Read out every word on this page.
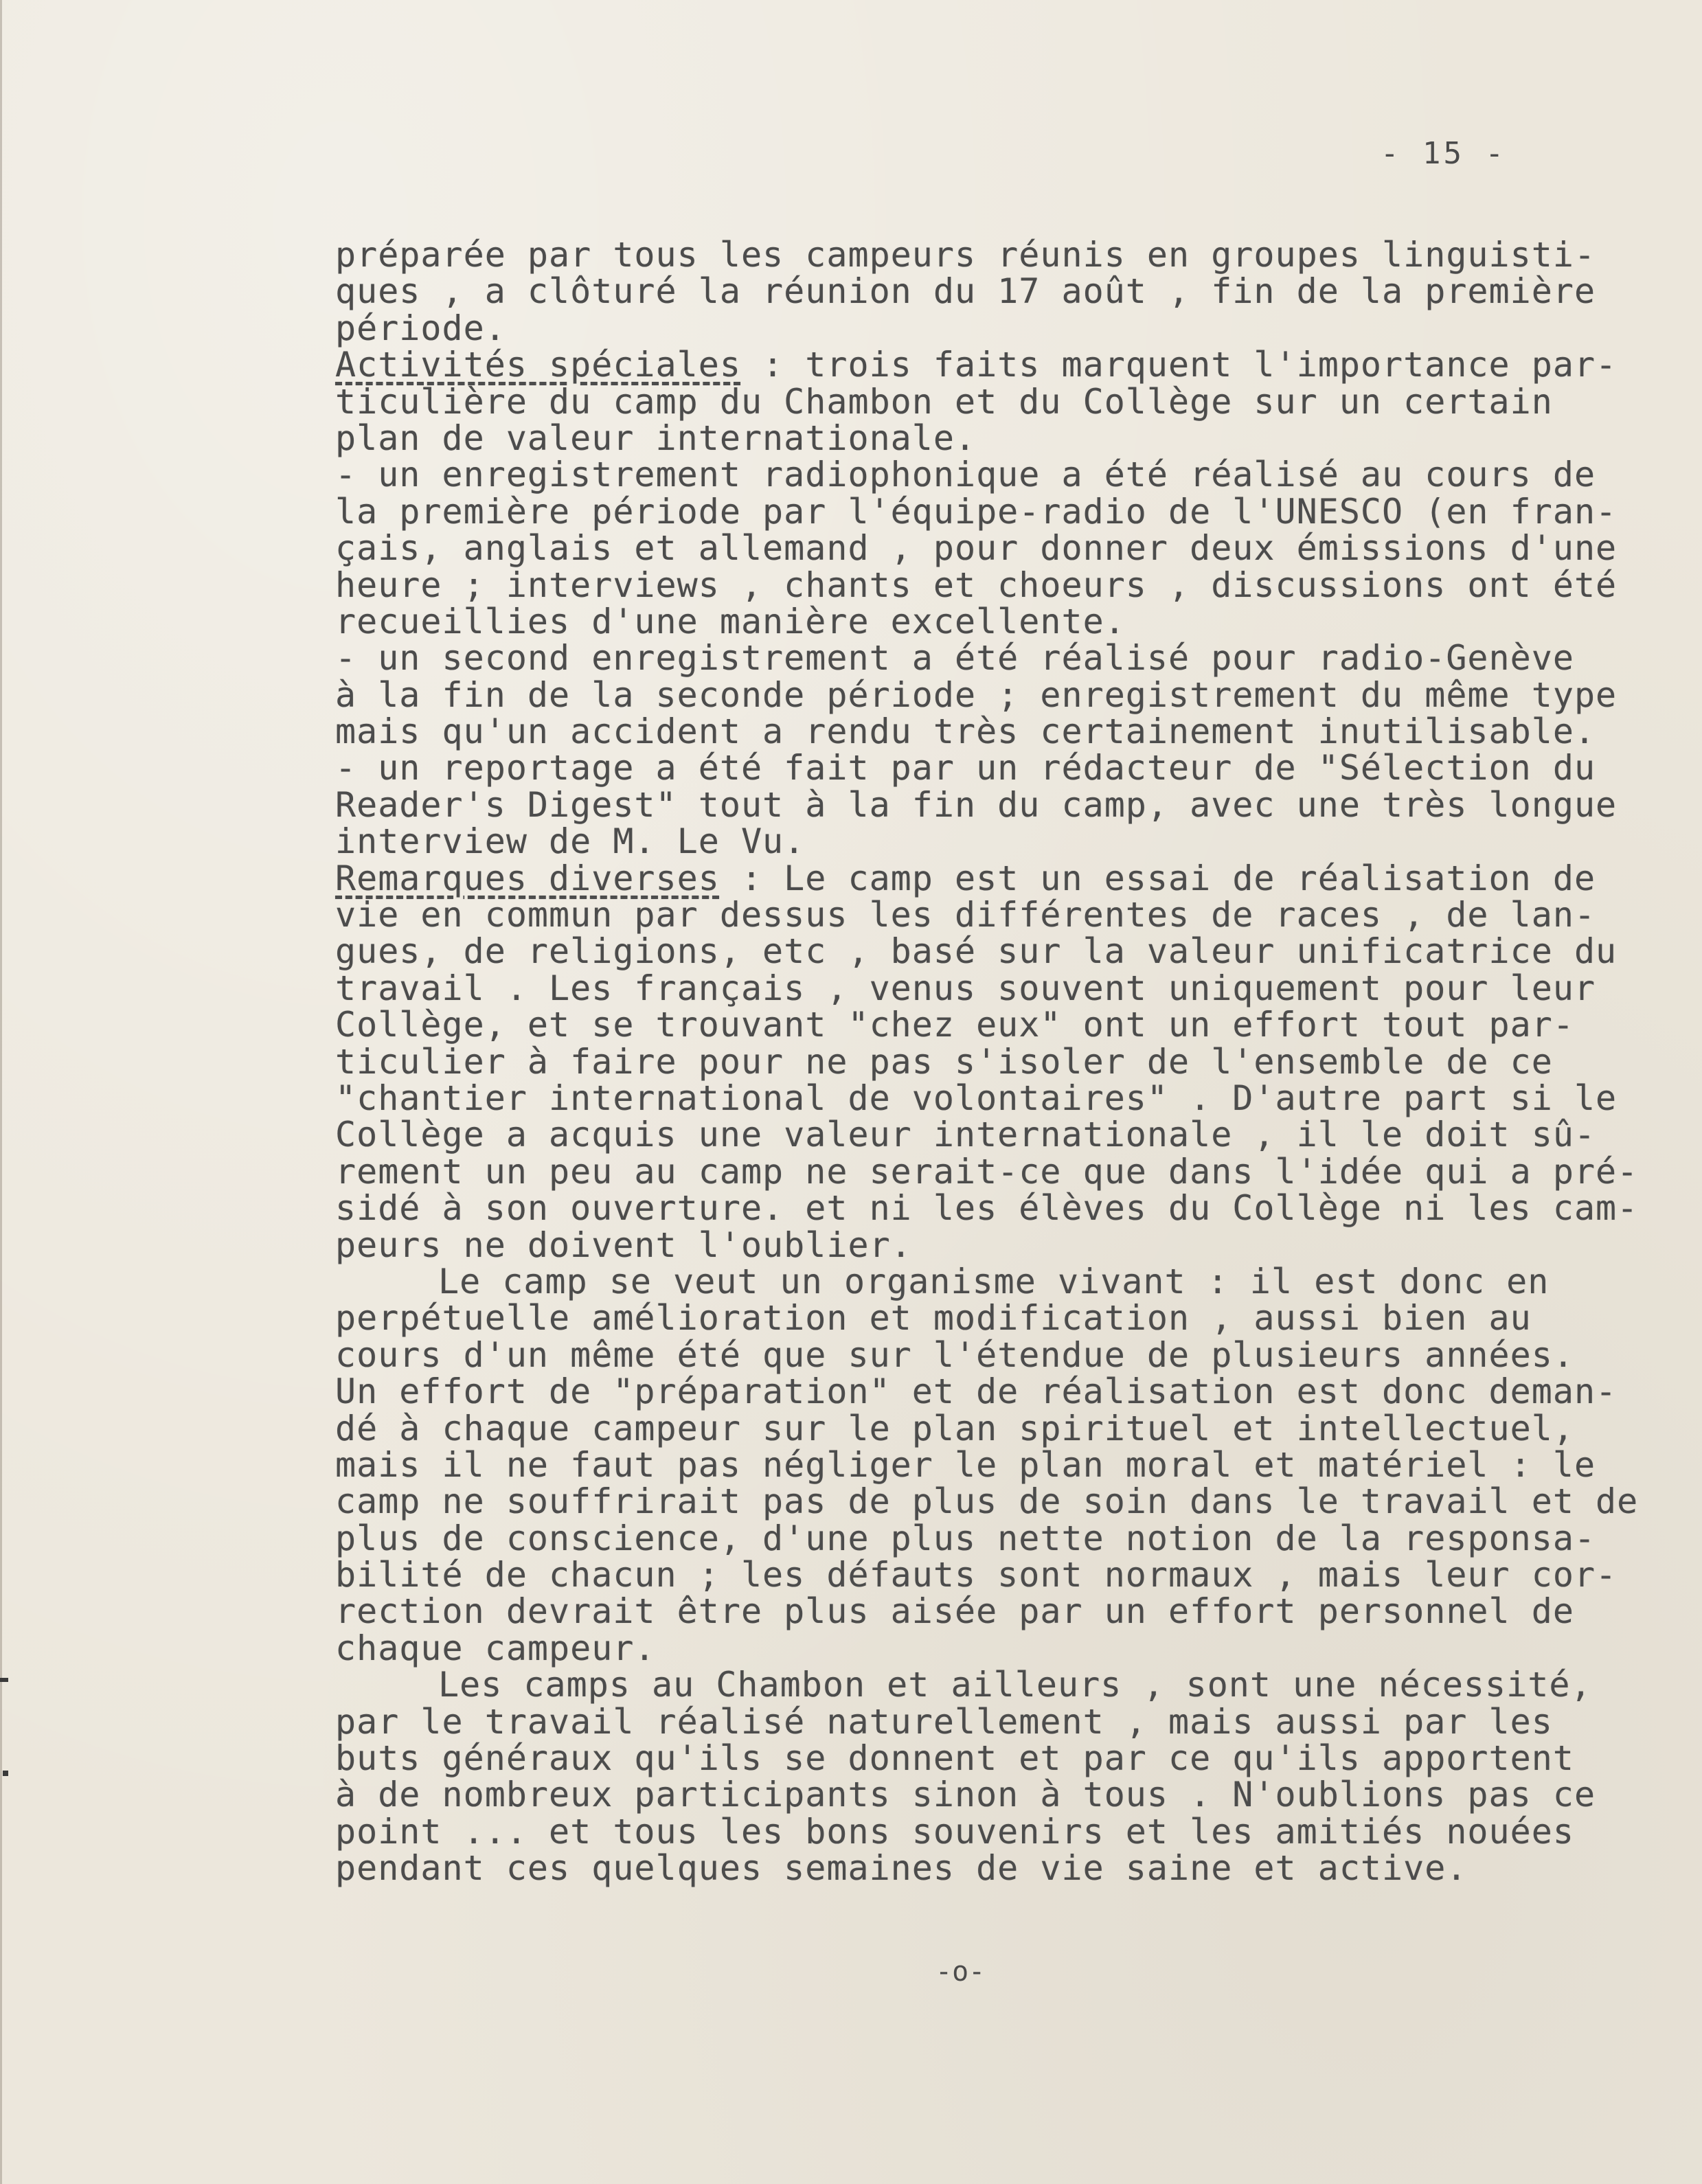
- 15 -
préparée par tous les campeurs réunis en groupes linguisti-
ques , a clôturé la réunion du 17 août , fin de la première
période.
Activités spéciales : trois faits marquent l'importance par-
ticulière du camp du Chambon et du Collège sur un certain
plan de valeur internationale.
- un enregistrement radiophonique a été réalisé au cours de
la première période par l'équipe-radio de l'UNESCO (en fran-
çais, anglais et allemand , pour donner deux émissions d'une
heure ; interviews , chants et choeurs , discussions ont été
recueillies d'une manière excellente.
- un second enregistrement a été réalisé pour radio-Genève
à la fin de la seconde période ; enregistrement du même type
mais qu'un accident a rendu très certainement inutilisable.
- un reportage a été fait par un rédacteur de "Sélection du
Reader's Digest" tout à la fin du camp, avec une très longue
interview de M. Le Vu.
Remarques diverses : Le camp est un essai de réalisation de
vie en commun par dessus les différentes de races , de lan-
gues, de religions, etc , basé sur la valeur unificatrice du
travail . Les français , venus souvent uniquement pour leur
Collège, et se trouvant "chez eux" ont un effort tout par-
ticulier à faire pour ne pas s'isoler de l'ensemble de ce
"chantier international de volontaires" . D'autre part si le
Collège a acquis une valeur internationale , il le doit sû-
rement un peu au camp ne serait-ce que dans l'idée qui a pré-
sidé à son ouverture. et ni les élèves du Collège ni les cam-
peurs ne doivent l'oublier.
Le camp se veut un organisme vivant : il est donc en
perpétuelle amélioration et modification , aussi bien au
cours d'un même été que sur l'étendue de plusieurs années.
Un effort de "préparation" et de réalisation est donc deman-
dé à chaque campeur sur le plan spirituel et intellectuel,
mais il ne faut pas négliger le plan moral et matériel : le
camp ne souffrirait pas de plus de soin dans le travail et de
plus de conscience, d'une plus nette notion de la responsa-
bilité de chacun ; les défauts sont normaux , mais leur cor-
rection devrait être plus aisée par un effort personnel de
chaque campeur.
Les camps au Chambon et ailleurs , sont une nécessité,
par le travail réalisé naturellement , mais aussi par les
buts généraux qu'ils se donnent et par ce qu'ils apportent
à de nombreux participants sinon à tous . N'oublions pas ce
point ... et tous les bons souvenirs et les amitiés nouées
pendant ces quelques semaines de vie saine et active.
-o-
